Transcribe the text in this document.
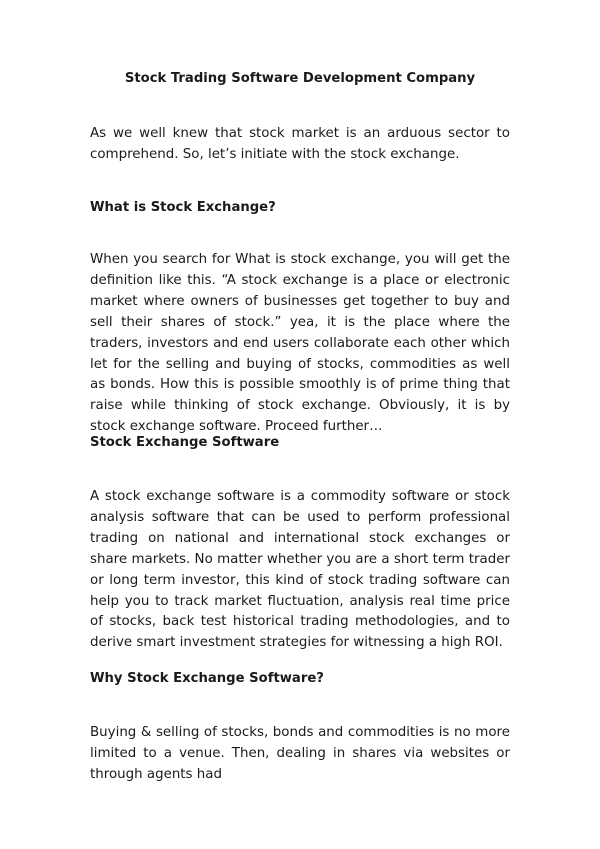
Stock Trading Software Development Company

As we well knew that stock market is an arduous sector to comprehend. So, let’s initiate with the stock exchange.

What is Stock Exchange?

When you search for What is stock exchange, you will get the definition like this. “A stock exchange is a place or electronic market where owners of businesses get together to buy and sell their shares of stock.” yea, it is the place where the traders, investors and end users collaborate each other which let for the selling and buying of stocks, commodities as well as bonds. How this is possible smoothly is of prime thing that raise while thinking of stock exchange. Obviously, it is by stock exchange software. Proceed further…

Stock Exchange Software

A stock exchange software is a commodity software or stock analysis software that can be used to perform professional trading on national and international stock exchanges or share markets. No matter whether you are a short term trader or long term investor, this kind of stock trading software can help you to track market fluctuation, analysis real time price of stocks, back test historical trading methodologies, and to derive smart investment strategies for witnessing a high ROI.

Why Stock Exchange Software?

Buying & selling of stocks, bonds and commodities is no more limited to a venue. Then, dealing in shares via websites or through agents had
